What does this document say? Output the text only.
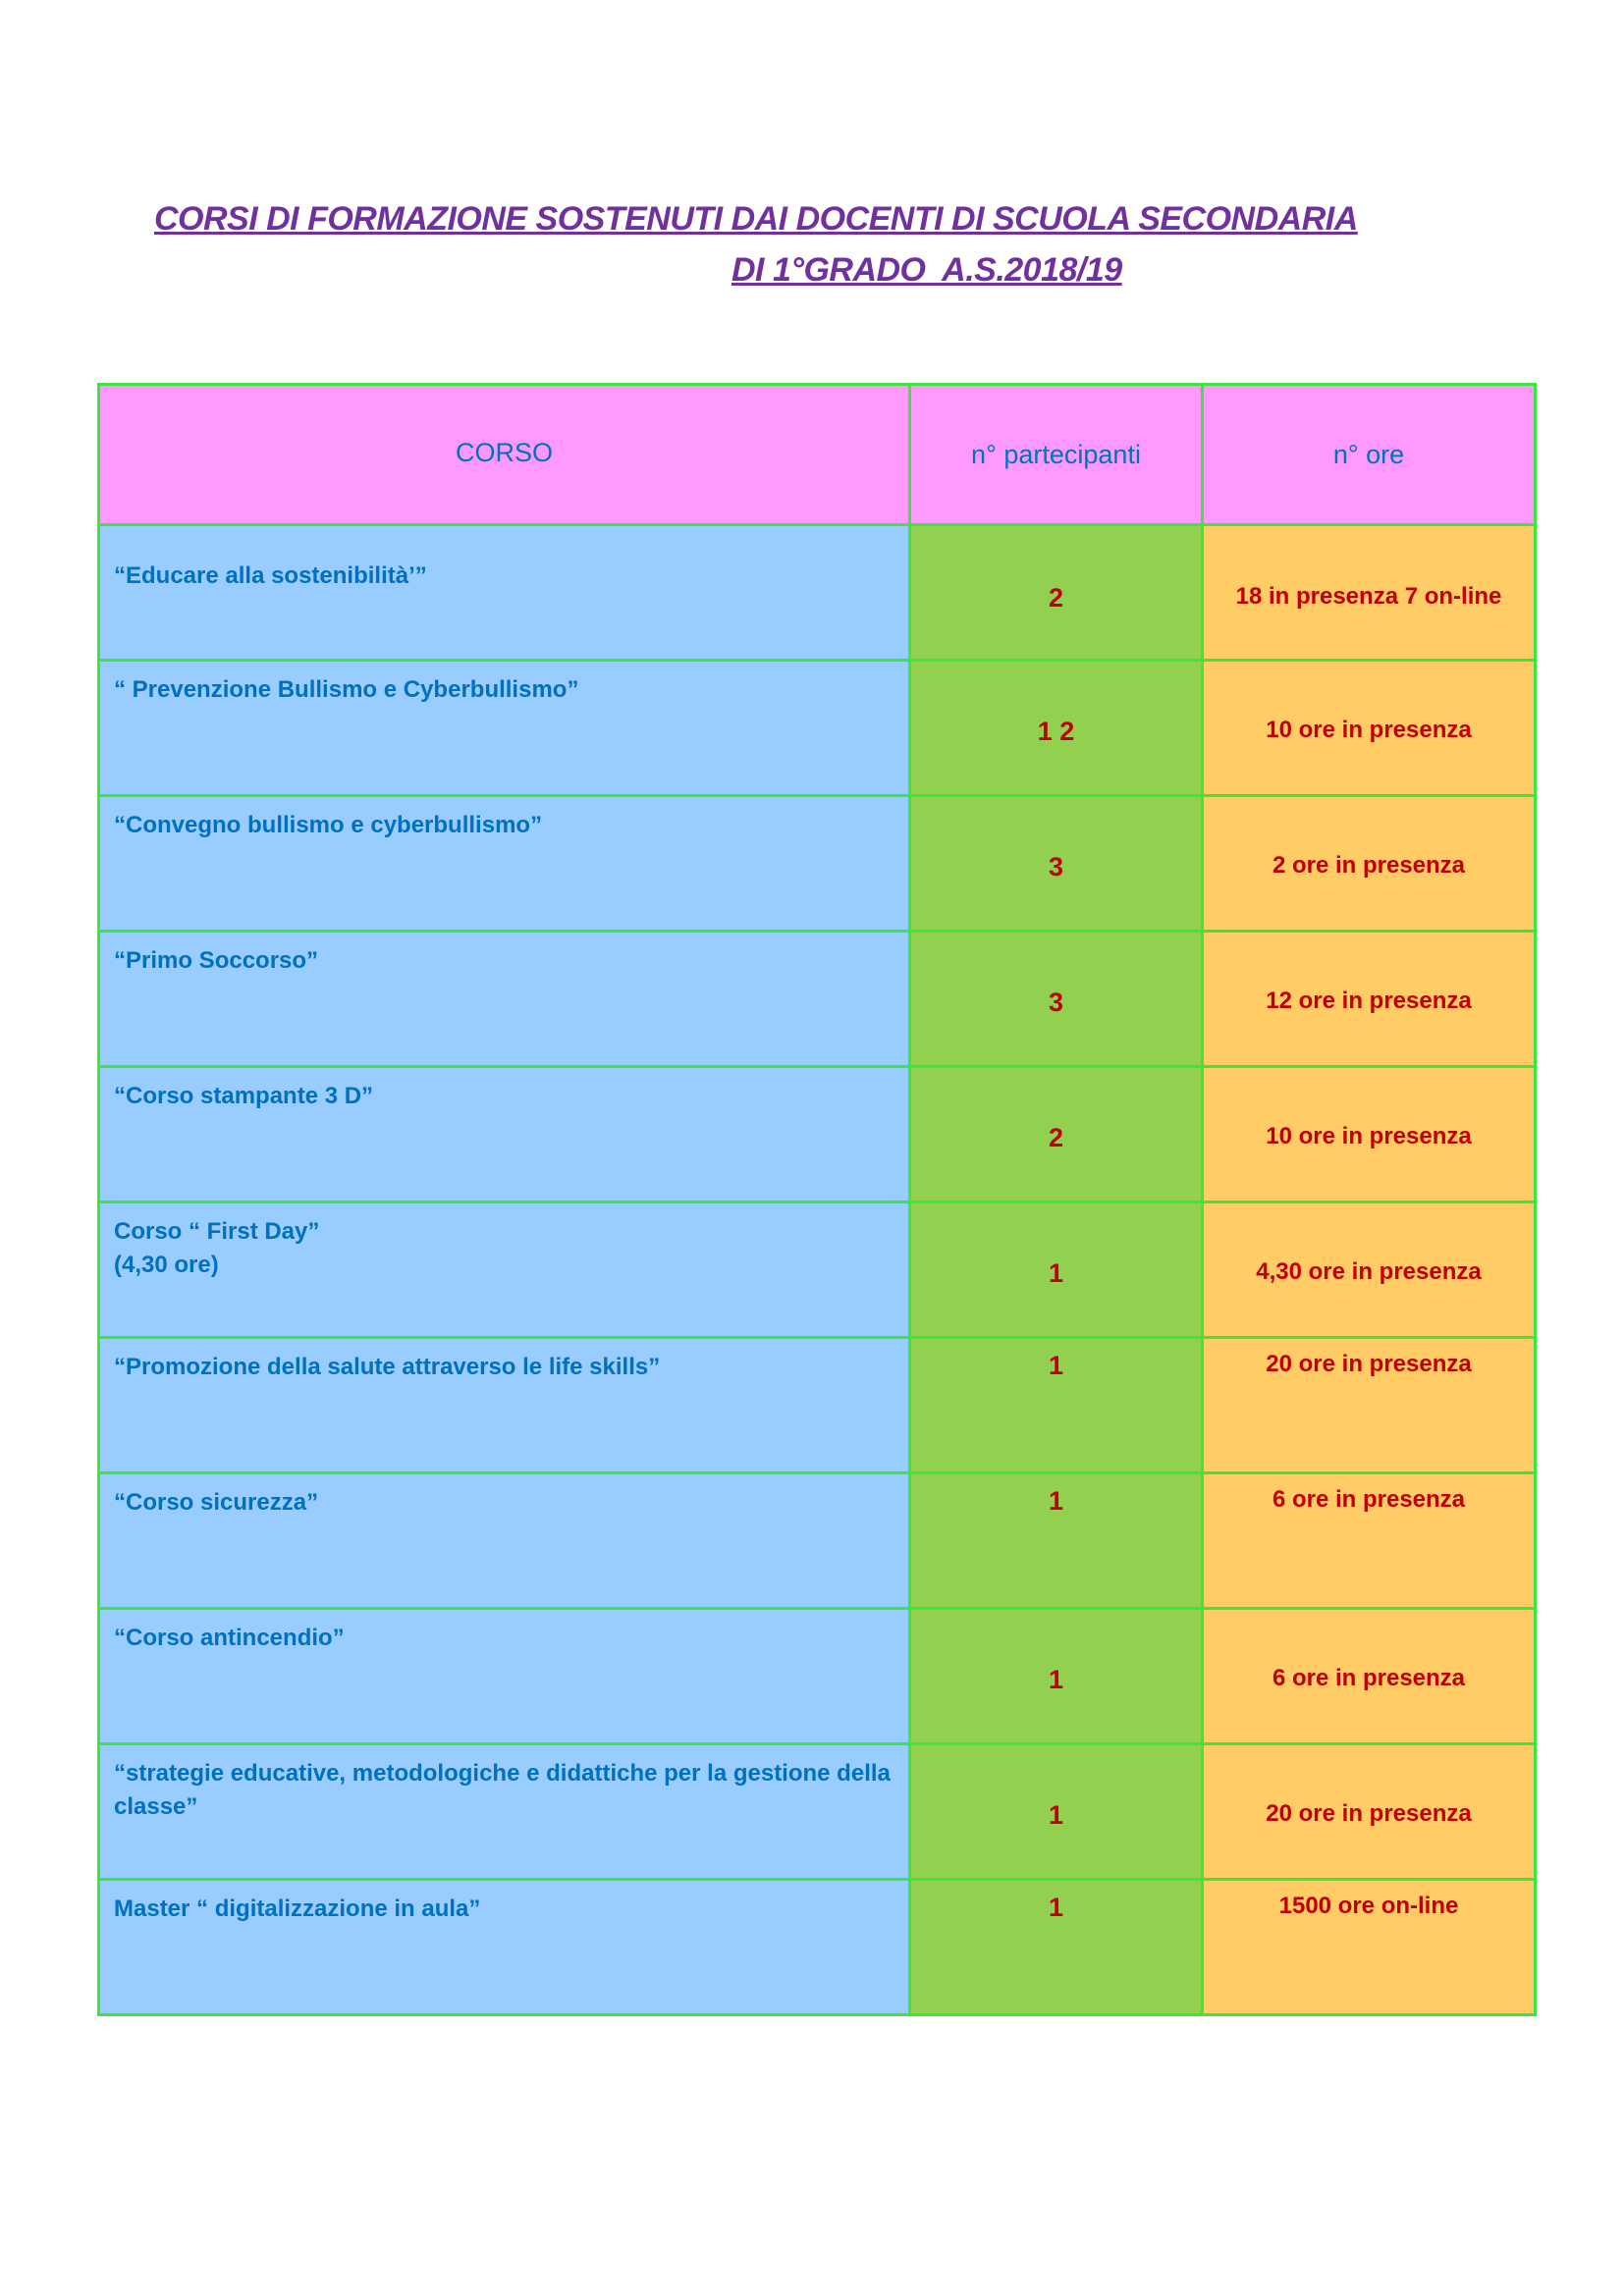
CORSI DI FORMAZIONE SOSTENUTI DAI DOCENTI DI SCUOLA SECONDARIA
DI 1°GRADO  A.S.2018/19
CORSO	n° partecipanti	n° ore
“Educare alla sostenibilità’”	2	18 in presenza 7 on-line
“ Prevenzione Bullismo e Cyberbullismo”	1 2	10 ore in presenza
“Convegno bullismo e cyberbullismo”	3	2 ore in presenza
“Primo Soccorso”	3	12 ore in presenza
“Corso stampante 3 D”	2	10 ore in presenza
Corso “ First Day”
(4,30 ore)	1	4,30 ore in presenza
“Promozione della salute attraverso le life skills”	1	20 ore in presenza
“Corso sicurezza”	1	6 ore in presenza
“Corso antincendio”	1	6 ore in presenza
“strategie educative, metodologiche e didattiche per la gestione della classe”	1	20 ore in presenza
Master “ digitalizzazione in aula”	1	1500 ore on-line
